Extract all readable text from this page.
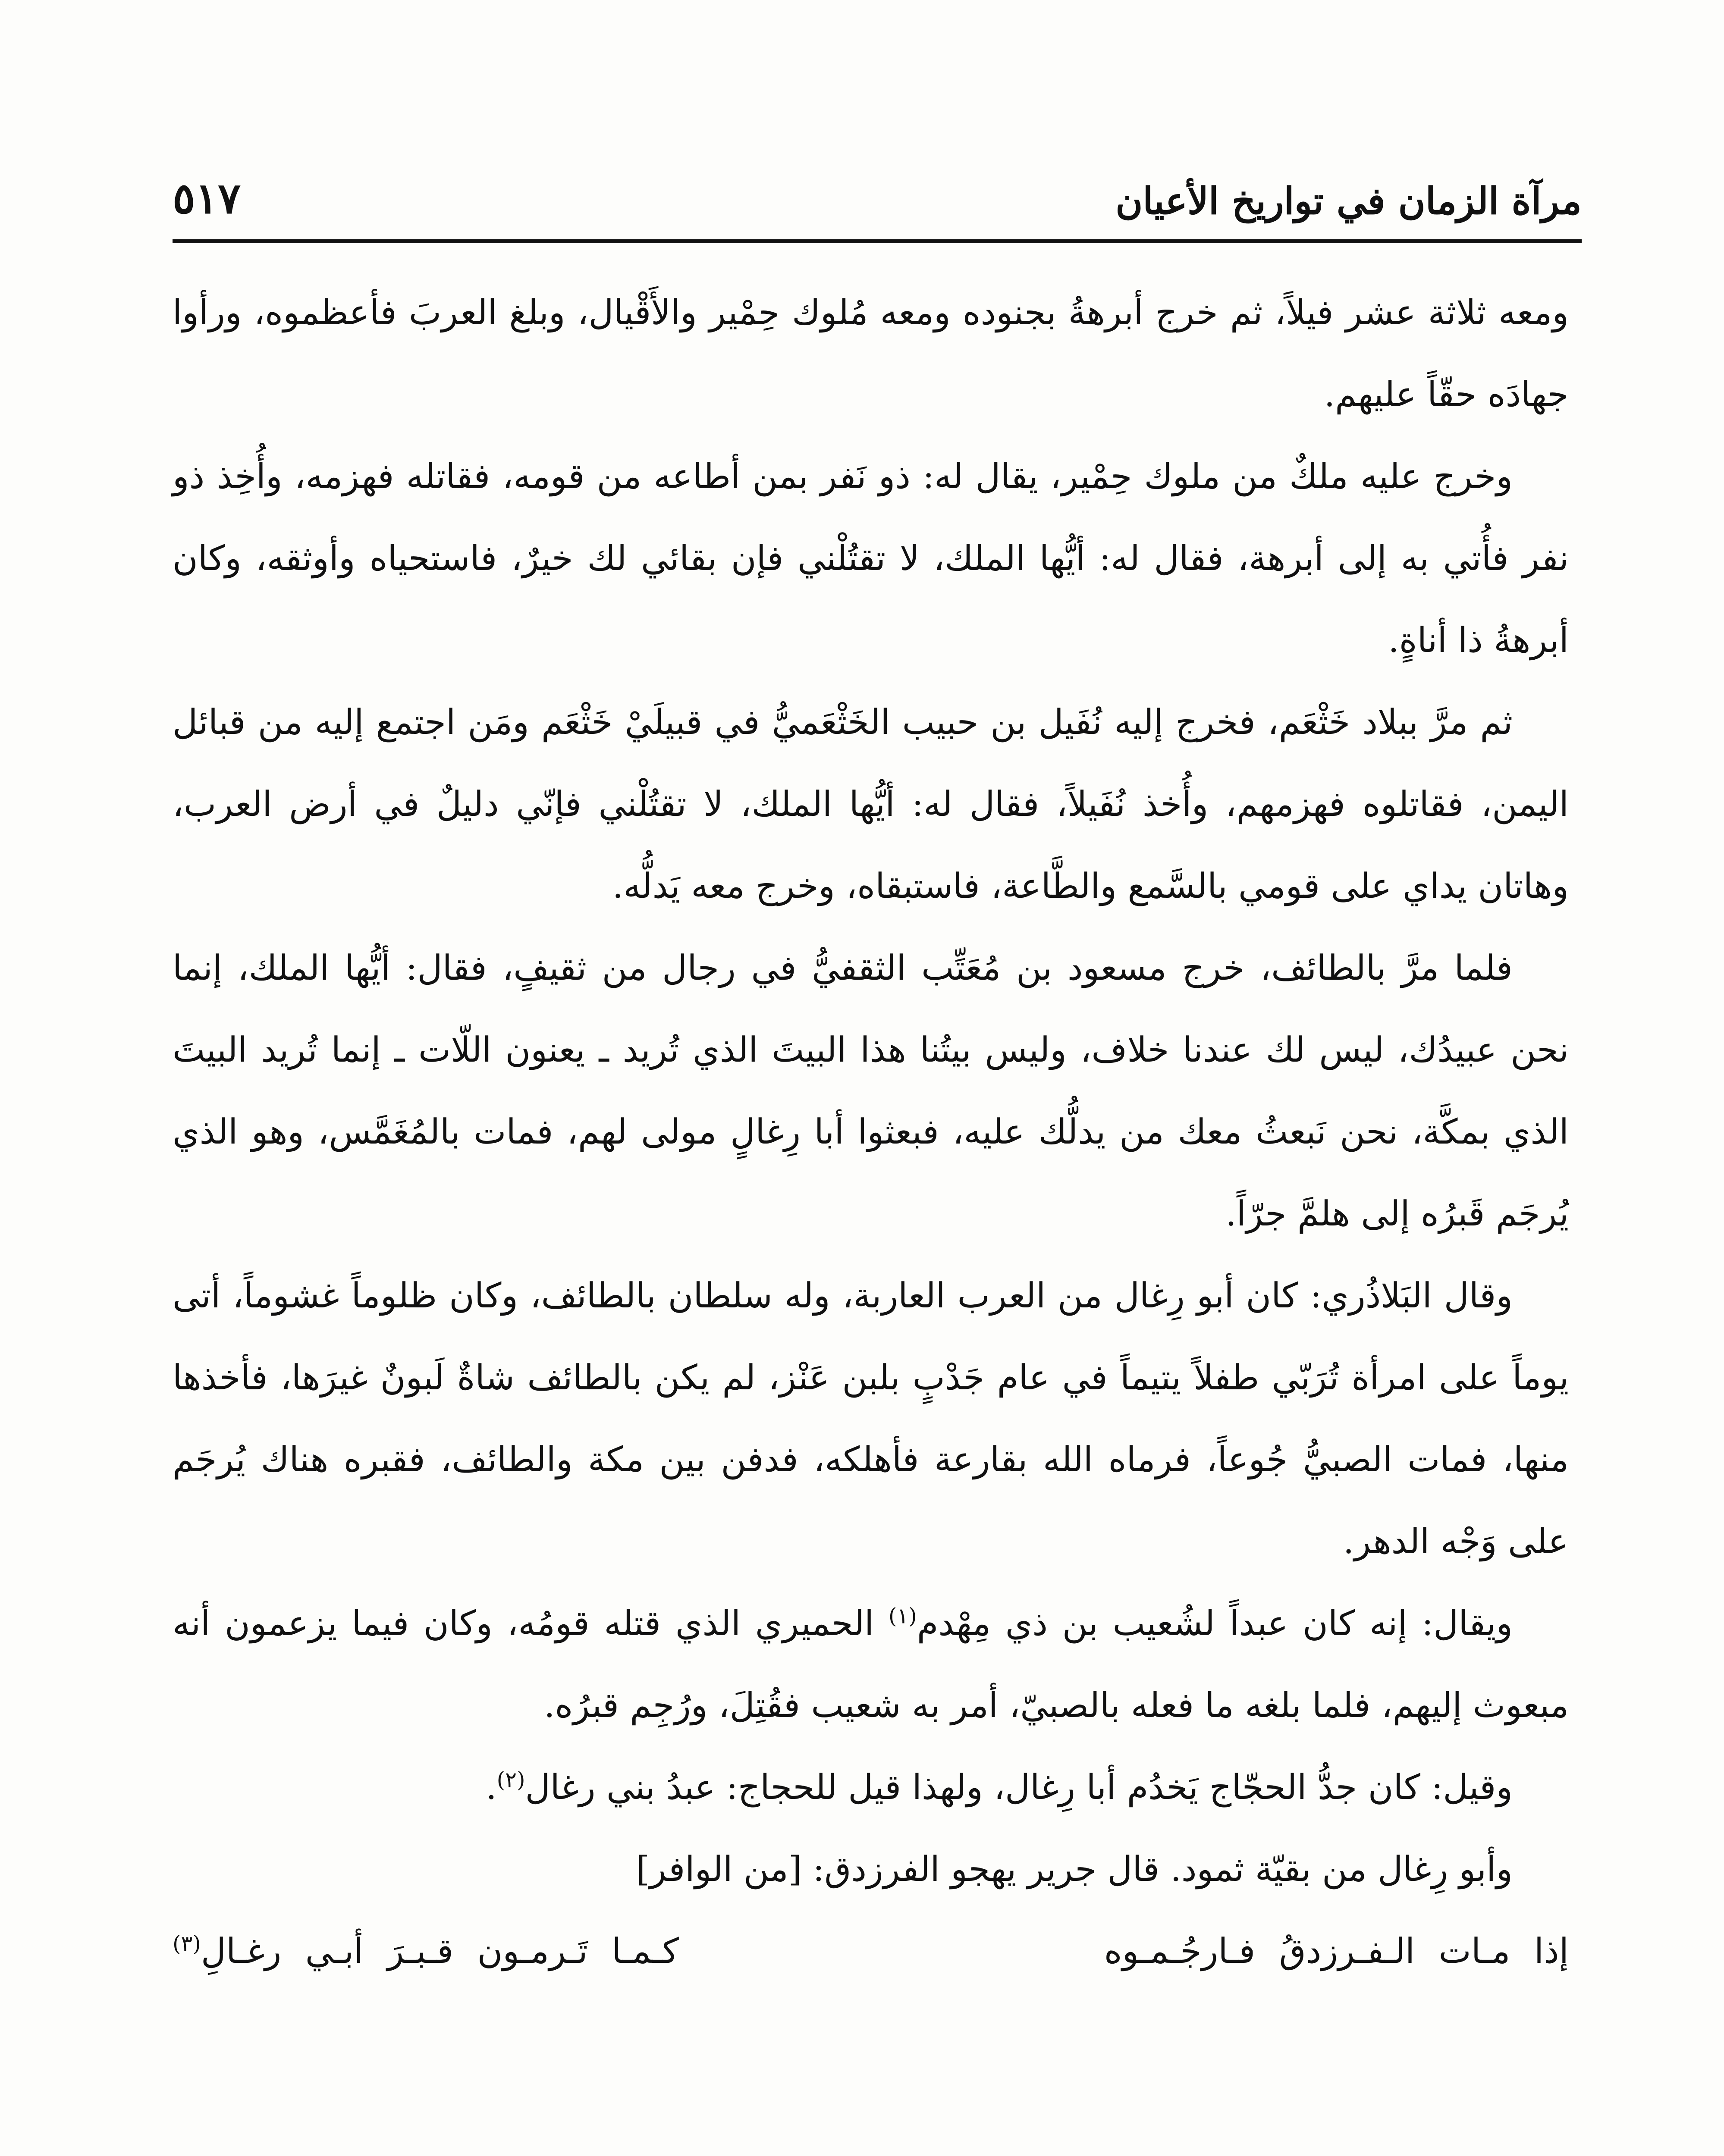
مرآة الزمان في تواريخ الأعيان
٥١٧

ومعه ثلاثة عشر فيلاً، ثم خرج أبرهةُ بجنوده ومعه مُلوك حِمْير والأَقْيال، وبلغ العربَ فأعظموه، ورأوا جهادَه حقّاً عليهم.

وخرج عليه ملكٌ من ملوك حِمْير، يقال له: ذو نَفر بمن أطاعه من قومه، فقاتله فهزمه، وأُخِذ ذو نفر فأُتي به إلى أبرهة، فقال له: أيُّها الملك، لا تقتُلْني فإن بقائي لك خيرٌ، فاستحياه وأوثقه، وكان أبرهةُ ذا أناةٍ.

ثم مرَّ ببلاد خَثْعَم، فخرج إليه نُفَيل بن حبيب الخَثْعَميُّ في قبيلَيْ خَثْعَم ومَن اجتمع إليه من قبائل اليمن، فقاتلوه فهزمهم، وأُخذ نُفَيلاً، فقال له: أيُّها الملك، لا تقتُلْني فإنّي دليلٌ في أرض العرب، وهاتان يداي على قومي بالسَّمع والطَّاعة، فاستبقاه، وخرج معه يَدلُّه.

فلما مرَّ بالطائف، خرج مسعود بن مُعَتِّب الثقفيُّ في رجال من ثقيفٍ، فقال: أيُّها الملك، إنما نحن عبيدُك، ليس لك عندنا خلاف، وليس بيتُنا هذا البيتَ الذي تُريد ـ يعنون اللّات ـ إنما تُريد البيتَ الذي بمكَّة، نحن نَبعثُ معك من يدلُّك عليه، فبعثوا أبا رِغالٍ مولى لهم، فمات بالمُغَمَّس، وهو الذي يُرجَم قَبرُه إلى هلمَّ جرّاً.

وقال البَلاذُري: كان أبو رِغال من العرب العاربة، وله سلطان بالطائف، وكان ظلوماً غشوماً، أتى يوماً على امرأة تُرَبّي طفلاً يتيماً في عام جَدْبٍ بلبن عَنْز، لم يكن بالطائف شاةٌ لَبونٌ غيرَها، فأخذها منها، فمات الصبيُّ جُوعاً، فرماه الله بقارعة فأهلكه، فدفن بين مكة والطائف، فقبره هناك يُرجَم على وَجْه الدهر.

ويقال: إنه كان عبداً لشُعيب بن ذي مِهْدم$^{(١)}$ الحميري الذي قتله قومُه، وكان فيما يزعمون أنه مبعوث إليهم، فلما بلغه ما فعله بالصبيّ، أمر به شعيب فقُتِلَ، ورُجِم قبرُه.

وقيل: كان جدُّ الحجّاج يَخدُم أبا رِغال، ولهذا قيل للحجاج: عبدُ بني رغال$^{(٢)}$.

وأبو رِغال من بقيّة ثمود. قال جرير يهجو الفرزدق: [من الوافر]

إذا مـات الـفـرزدقُ فـارجُـمـوه
كـمـا تَـرمـون قـبـرَ أبـي رغـالِ$^{(٣)}$
